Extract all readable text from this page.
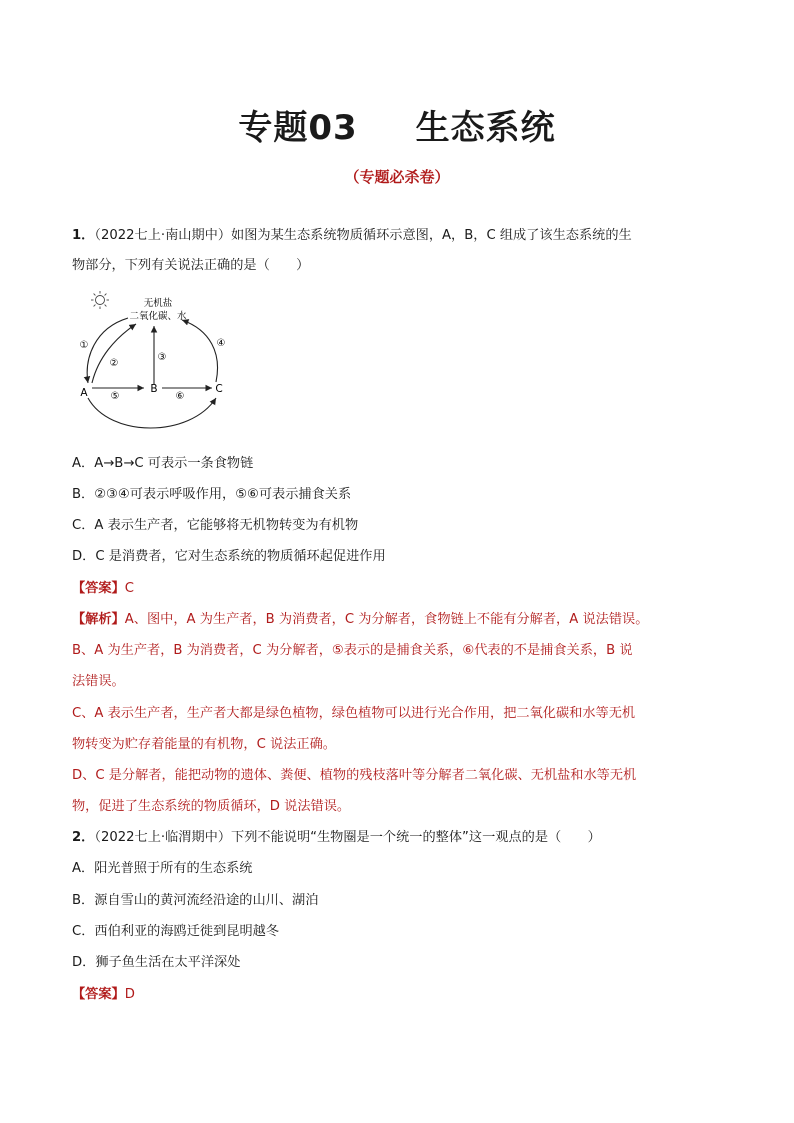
专题03 生态系统
（专题必杀卷）
1．（2022七上·南山期中）如图为某生态系统物质循环示意图，A，B，C 组成了该生态系统的生
物部分，下列有关说法正确的是（　　）
无机盐
二氧化碳、水
A	B	C
①
②
③
④
⑤	⑥
A．A→B→C 可表示一条食物链
B．②③④可表示呼吸作用，⑤⑥可表示捕食关系
C．A 表示生产者，它能够将无机物转变为有机物
D．C 是消费者，它对生态系统的物质循环起促进作用
【答案】C
【解析】A、图中，A 为生产者，B 为消费者，C 为分解者，食物链上不能有分解者，A 说法错误。
B、A 为生产者，B 为消费者，C 为分解者，⑤表示的是捕食关系，⑥代表的不是捕食关系，B 说
法错误。
C、A 表示生产者，生产者大都是绿色植物，绿色植物可以进行光合作用，把二氧化碳和水等无机
物转变为贮存着能量的有机物，C 说法正确。
D、C 是分解者，能把动物的遗体、粪便、植物的残枝落叶等分解者二氧化碳、无机盐和水等无机
物，促进了生态系统的物质循环，D 说法错误。
2．（2022七上·临渭期中）下列不能说明“生物圈是一个统一的整体”这一观点的是（　　）
A．阳光普照于所有的生态系统
B．源自雪山的黄河流经沿途的山川、湖泊
C．西伯利亚的海鸥迁徙到昆明越冬
D．狮子鱼生活在太平洋深处
【答案】D
